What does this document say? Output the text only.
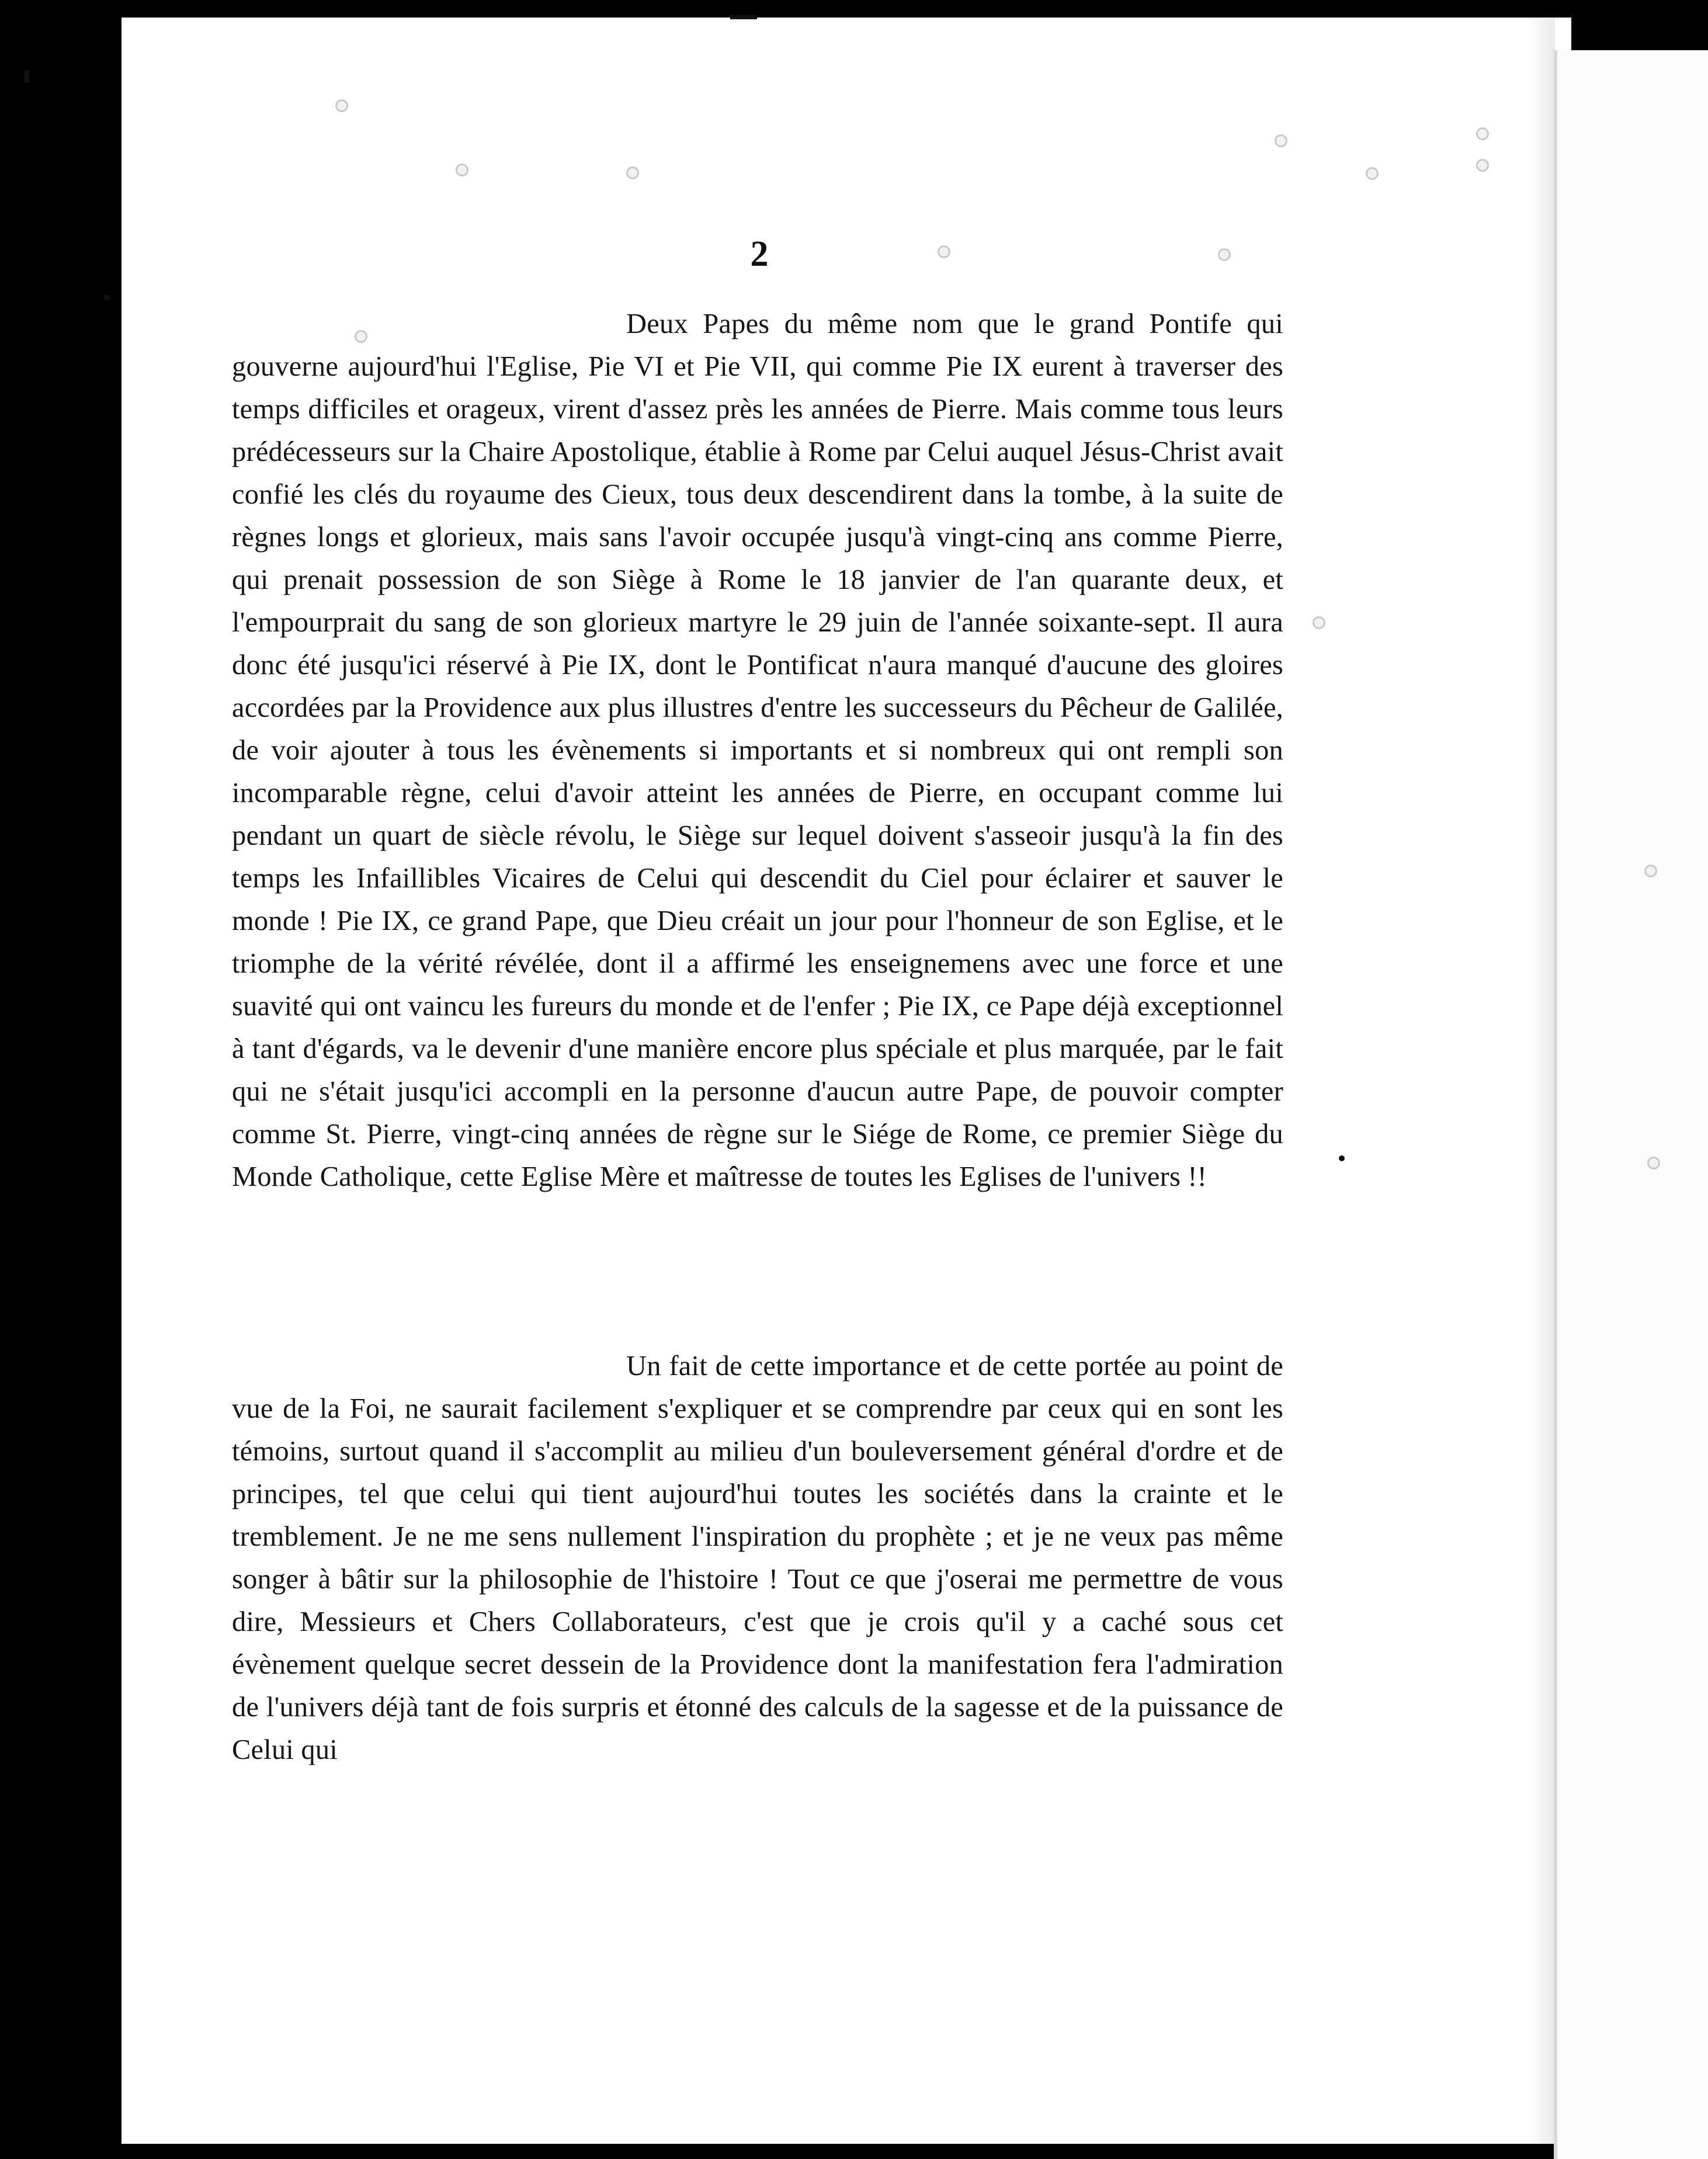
2

Deux Papes du même nom que le grand Pontife qui gouverne aujourd'hui l'Eglise, Pie VI et Pie VII, qui comme Pie IX eurent à traverser des temps difficiles et orageux, virent d'assez près les années de Pierre. Mais comme tous leurs prédécesseurs sur la Chaire Apostolique, établie à Rome par Celui auquel Jésus-Christ avait confié les clés du royaume des Cieux, tous deux descendirent dans la tombe, à la suite de règnes longs et glorieux, mais sans l'avoir occupée jusqu'à vingt-cinq ans comme Pierre, qui prenait possession de son Siège à Rome le 18 janvier de l'an quarante deux, et l'empourprait du sang de son glorieux martyre le 29 juin de l'année soixante-sept. Il aura donc été jusqu'ici réservé à Pie IX, dont le Pontificat n'aura manqué d'aucune des gloires accordées par la Providence aux plus illustres d'entre les successeurs du Pêcheur de Galilée, de voir ajouter à tous les évènements si importants et si nombreux qui ont rempli son incomparable règne, celui d'avoir atteint les années de Pierre, en occupant comme lui pendant un quart de siècle révolu, le Siège sur lequel doivent s'asseoir jusqu'à la fin des temps les Infaillibles Vicaires de Celui qui descendit du Ciel pour éclairer et sauver le monde ! Pie IX, ce grand Pape, que Dieu créait un jour pour l'honneur de son Eglise, et le triomphe de la vérité révélée, dont il a affirmé les enseignemens avec une force et une suavité qui ont vaincu les fureurs du monde et de l'enfer ; Pie IX, ce Pape déjà exceptionnel à tant d'égards, va le devenir d'une manière encore plus spéciale et plus marquée, par le fait qui ne s'était jusqu'ici accompli en la personne d'aucun autre Pape, de pouvoir compter comme St. Pierre, vingt-cinq années de règne sur le Siége de Rome, ce premier Siège du Monde Catholique, cette Eglise Mère et maîtresse de toutes les Eglises de l'univers !!

Un fait de cette importance et de cette portée au point de vue de la Foi, ne saurait facilement s'expliquer et se comprendre par ceux qui en sont les témoins, surtout quand il s'accomplit au milieu d'un bouleversement général d'ordre et de principes, tel que celui qui tient aujourd'hui toutes les sociétés dans la crainte et le tremblement. Je ne me sens nullement l'inspiration du prophète ; et je ne veux pas même songer à bâtir sur la philosophie de l'histoire ! Tout ce que j'oserai me permettre de vous dire, Messieurs et Chers Collaborateurs, c'est que je crois qu'il y a caché sous cet évènement quelque secret dessein de la Providence dont la manifestation fera l'admiration de l'univers déjà tant de fois surpris et étonné des calculs de la sagesse et de la puissance de Celui qui
